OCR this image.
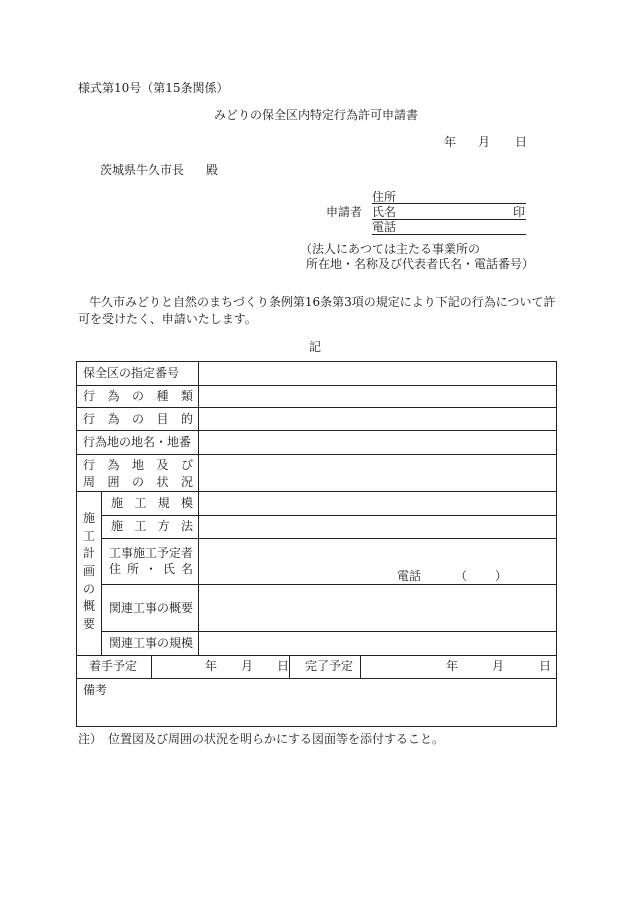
様式第10号（第15条関係）
みどりの保全区内特定行為許可申請書
年 月 日
茨城県牛久市長 殿
申請者
住所
氏名	印
電話
（法人にあつては主たる事業所の
所在地・名称及び代表者氏名・電話番号）
牛久市みどりと自然のまちづくり条例第16条第3項の規定により下記の行為について許
可を受けたく、申請いたします。
記
保全区の指定番号
行 為 の 種 類
行 為 の 目 的
行為地の地名・地番
行 為 地 及 び
周 囲 の 状 況
施
工
計
画
の
概
要
施 工 規 模
施 工 方 法
工事施工予定者
住 所 ・ 氏 名	電話	（ ）
関連工事の概要
関連工事の規模
着手予定	年 月 日 完了予定	年	月	日
備考
注）　位置図及び周囲の状況を明らかにする図面等を添付すること。
